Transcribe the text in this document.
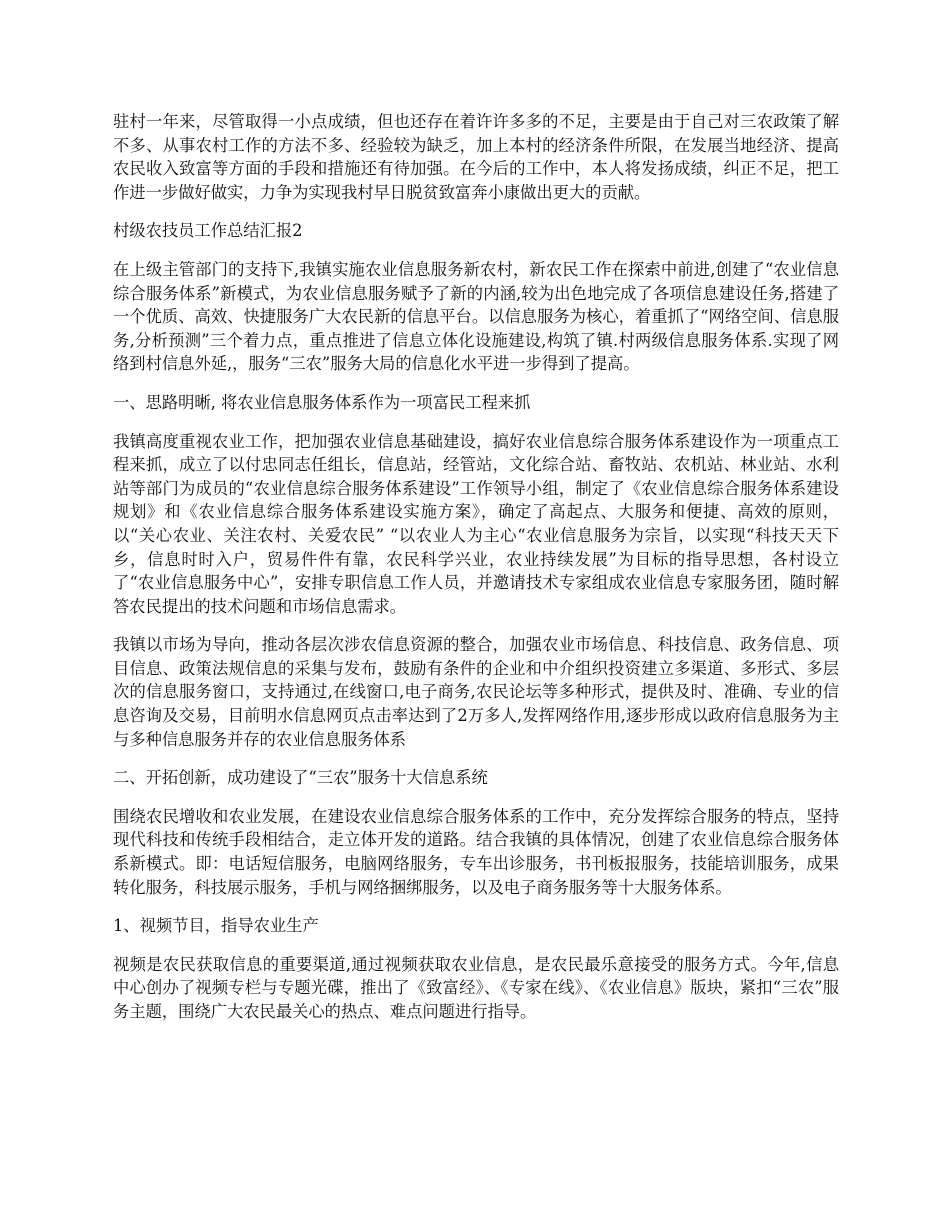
驻村一年来，尽管取得一小点成绩，但也还存在着许许多多的不足，主要是由于自己对三农政策了解不多、从事农村工作的方法不多、经验较为缺乏，加上本村的经济条件所限，在发展当地经济、提高农民收入致富等方面的手段和措施还有待加强。在今后的工作中，本人将发扬成绩，纠正不足，把工作进一步做好做实，力争为实现我村早日脱贫致富奔小康做出更大的贡献。

村级农技员工作总结汇报2

在上级主管部门的支持下,我镇实施农业信息服务新农村，新农民工作在探索中前进,创建了“农业信息综合服务体系”新模式，为农业信息服务赋予了新的内涵,较为出色地完成了各项信息建设任务,搭建了一个优质、高效、快捷服务广大农民新的信息平台。以信息服务为核心，着重抓了“网络空间、信息服务,分析预测”三个着力点，重点推进了信息立体化设施建设,构筑了镇.村两级信息服务体系.实现了网络到村信息外延,，服务“三农”服务大局的信息化水平进一步得到了提高。

一、思路明晰, 将农业信息服务体系作为一项富民工程来抓

我镇高度重视农业工作，把加强农业信息基础建设，搞好农业信息综合服务体系建设作为一项重点工程来抓，成立了以付忠同志任组长，信息站，经管站，文化综合站、畜牧站、农机站、林业站、水利站等部门为成员的“农业信息综合服务体系建设”工作领导小组，制定了《农业信息综合服务体系建设规划》和《农业信息综合服务体系建设实施方案》，确定了高起点、大服务和便捷、高效的原则，以“关心农业、关注农村、关爱农民” “以农业人为主心“农业信息服务为宗旨，以实现“科技天天下乡，信息时时入户，贸易件件有靠，农民科学兴业，农业持续发展”为目标的指导思想，各村设立了“农业信息服务中心”，安排专职信息工作人员，并邀请技术专家组成农业信息专家服务团，随时解答农民提出的技术问题和市场信息需求。

我镇以市场为导向，推动各层次涉农信息资源的整合，加强农业市场信息、科技信息、政务信息、项目信息、政策法规信息的采集与发布，鼓励有条件的企业和中介组织投资建立多渠道、多形式、多层次的信息服务窗口，支持通过,在线窗口,电子商务,农民论坛等多种形式，提供及时、准确、专业的信息咨询及交易，目前明水信息网页点击率达到了2万多人,发挥网络作用,逐步形成以政府信息服务为主与多种信息服务并存的农业信息服务体系

二、开拓创新，成功建设了“三农”服务十大信息系统

围绕农民增收和农业发展，在建设农业信息综合服务体系的工作中，充分发挥综合服务的特点，坚持现代科技和传统手段相结合，走立体开发的道路。结合我镇的具体情况，创建了农业信息综合服务体系新模式。即：电话短信服务，电脑网络服务，专车出诊服务，书刊板报服务，技能培训服务，成果转化服务，科技展示服务，手机与网络捆绑服务，以及电子商务服务等十大服务体系。

1、视频节目，指导农业生产

视频是农民获取信息的重要渠道,通过视频获取农业信息，是农民最乐意接受的服务方式。今年,信息中心创办了视频专栏与专题光碟，推出了《致富经》、《专家在线》、《农业信息》版块，紧扣“三农”服务主题，围绕广大农民最关心的热点、难点问题进行指导。
